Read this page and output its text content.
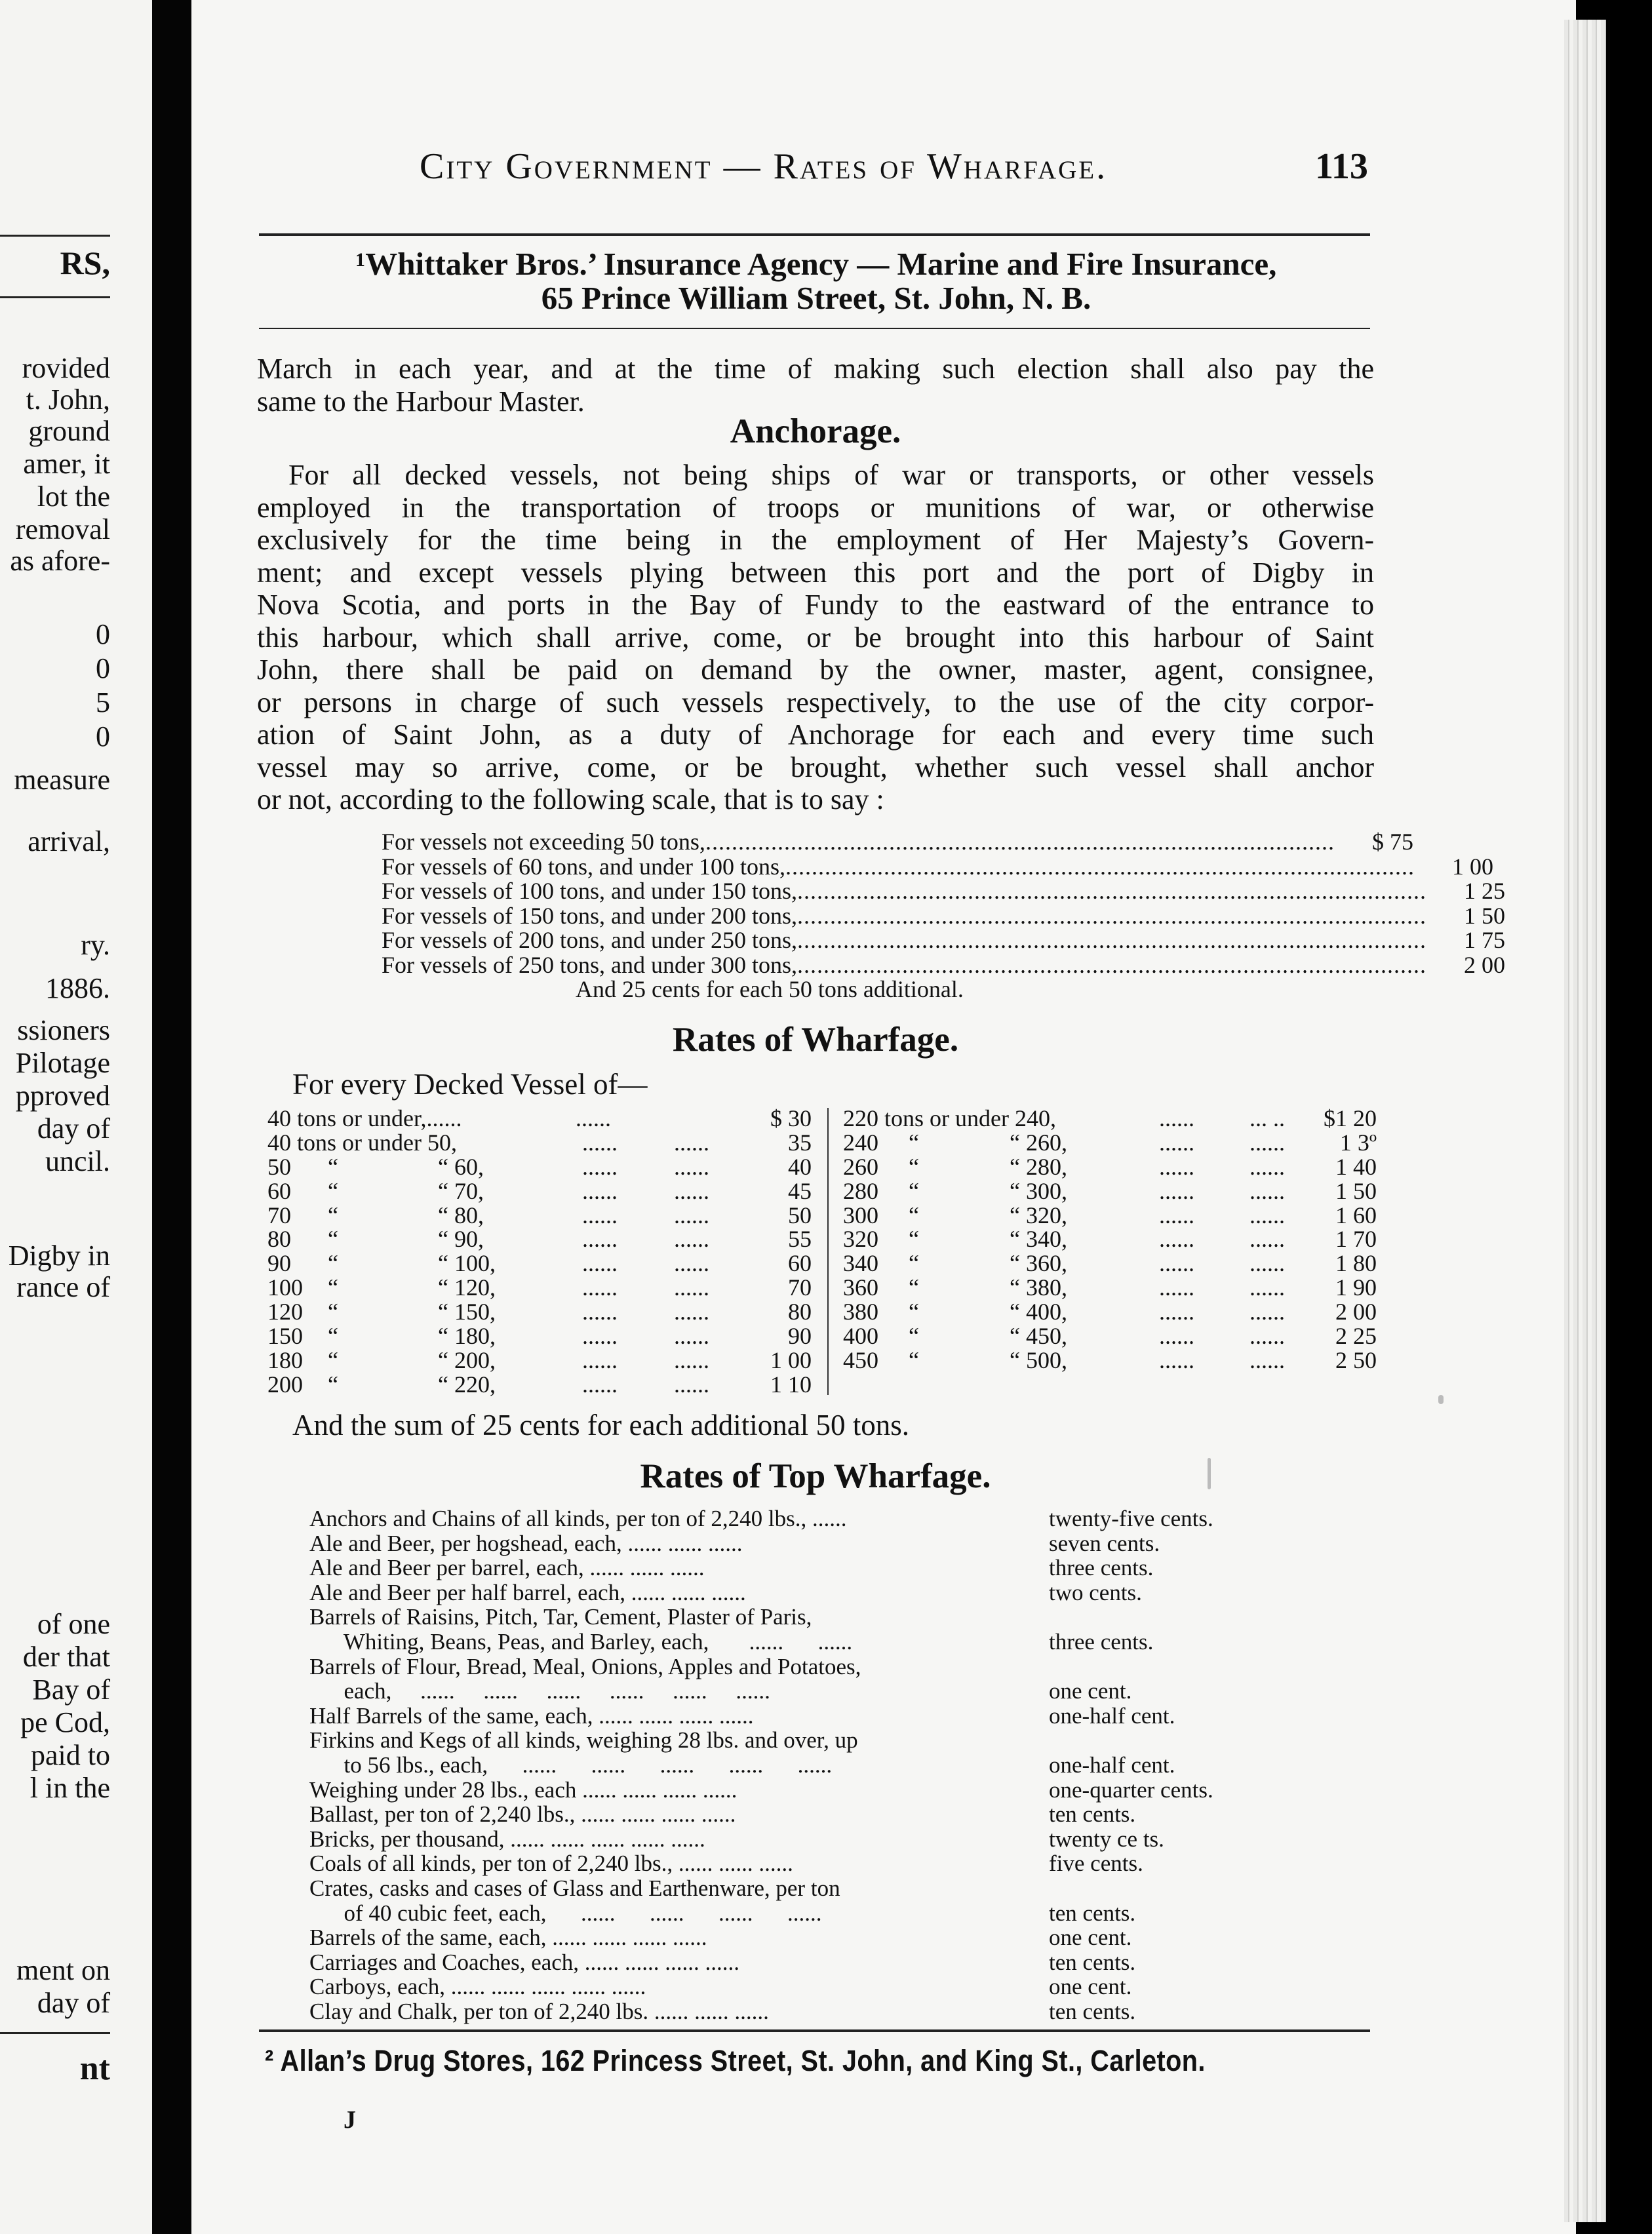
RS,
rovided
t. John,
ground
amer, it
lot the
removal
as afore-
0
0
5
0
measure
arrival,
ry.
1886.
ssioners
Pilotage
pproved
day of
uncil.
Digby in
rance of
of one
der that
Bay of
pe Cod,
paid to
l in the
ment on
day of
nt
City Government — Rates of Wharfage.	113
¹Whittaker Bros.’ Insurance Agency — Marine and Fire Insurance,
65 Prince William Street, St. John, N. B.
March in each year, and at the time of making such election shall also pay the
same to the Harbour Master.
Anchorage.
For all decked vessels, not being ships of war or transports, or other vessels
employed in the transportation of troops or munitions of war, or otherwise
exclusively for the time being in the employment of Her Majesty’s Govern-
ment; and except vessels plying between this port and the port of Digby in
Nova Scotia, and ports in the Bay of Fundy to the eastward of the entrance to
this harbour, which shall arrive, come, or be brought into this harbour of Saint
John, there shall be paid on demand by the owner, master, agent, consignee,
or persons in charge of such vessels respectively, to the use of the city corpor-
ation of Saint John, as a duty of Anchorage for each and every time such
vessel may so arrive, come, or be brought, whether such vessel shall anchor
or not, according to the following scale, that is to say :
For vessels not exceeding 50 tons, ................................................................................................	$ 75
For vessels of 60 tons, and under 100 tons, ................................................................................................	1 00
For vessels of 100 tons, and under 150 tons, ................................................................................................	1 25
For vessels of 150 tons, and under 200 tons, ................................................................................................	1 50
For vessels of 200 tons, and under 250 tons, ................................................................................................	1 75
For vessels of 250 tons, and under 300 tons, ................................................................................................	2 00
And 25 cents for each 50 tons additional.
Rates of Wharfage.
For every Decked Vessel of—
40 tons or under,......	......	$ 30
40 tons or under 50,	...... ......	35
50 “	“ 60,	...... ......	40
60 “	“ 70,	...... ......	45
70 “	“ 80,	...... ......	50
80 “	“ 90,	...... ......	55
90 “	“ 100,	...... ......	60
100 “	“ 120,	...... ......	70
120 “	“ 150,	...... ......	80
150 “	“ 180,	...... ......	90
180 “	“ 200,	...... ......	1 00
200 “	“ 220,	...... ......	1 10
220 tons or under 240,	...... ... .. $1 20
240 “	“ 260,	...... ...... 1 3º
260 “	“ 280,	...... ...... 1 40
280 “	“ 300,	...... ...... 1 50
300 “	“ 320,	...... ...... 1 60
320 “	“ 340,	...... ...... 1 70
340 “	“ 360,	...... ...... 1 80
360 “	“ 380,	...... ...... 1 90
380 “	“ 400,	...... ...... 2 00
400 “	“ 450,	...... ...... 2 25
450 “	“ 500,	...... ...... 2 50
And the sum of 25 cents for each additional 50 tons.
Rates of Top Wharfage.
Anchors and Chains of all kinds, per ton of 2,240 lbs., ......	twenty-five cents.
Ale and Beer, per hogshead, each, ...... ...... ......	seven cents.
Ale and Beer per barrel, each, ...... ...... ......	three cents.
Ale and Beer per half barrel, each, ...... ...... ......	two cents.
Barrels of Raisins, Pitch, Tar, Cement, Plaster of Paris,
Whiting, Beans, Peas, and Barley, each,       ......      ......	three cents.
Barrels of Flour, Bread, Meal, Onions, Apples and Potatoes,
each,     ......     ......     ......     ......     ......     ......	one cent.
Half Barrels of the same, each, ...... ...... ...... ......	one-half cent.
Firkins and Kegs of all kinds, weighing 28 lbs. and over, up
to 56 lbs., each,      ......      ......      ......      ......      ......	one-half cent.
Weighing under 28 lbs., each ...... ...... ...... ......	one-quarter cents.
Ballast, per ton of 2,240 lbs., ...... ...... ...... ......	ten cents.
Bricks, per thousand, ...... ...... ...... ...... ......	twenty ce ts.
Coals of all kinds, per ton of 2,240 lbs., ...... ...... ......	five cents.
Crates, casks and cases of Glass and Earthenware, per ton
of 40 cubic feet, each,      ......      ......      ......      ......	ten cents.
Barrels of the same, each, ...... ...... ...... ......	one cent.
Carriages and Coaches, each, ...... ...... ...... ......	ten cents.
Carboys, each, ...... ...... ...... ...... ......	one cent.
Clay and Chalk, per ton of 2,240 lbs. ...... ...... ......	ten cents.
² Allan’s Drug Stores, 162 Princess Street, St. John, and King St., Carleton.
J
